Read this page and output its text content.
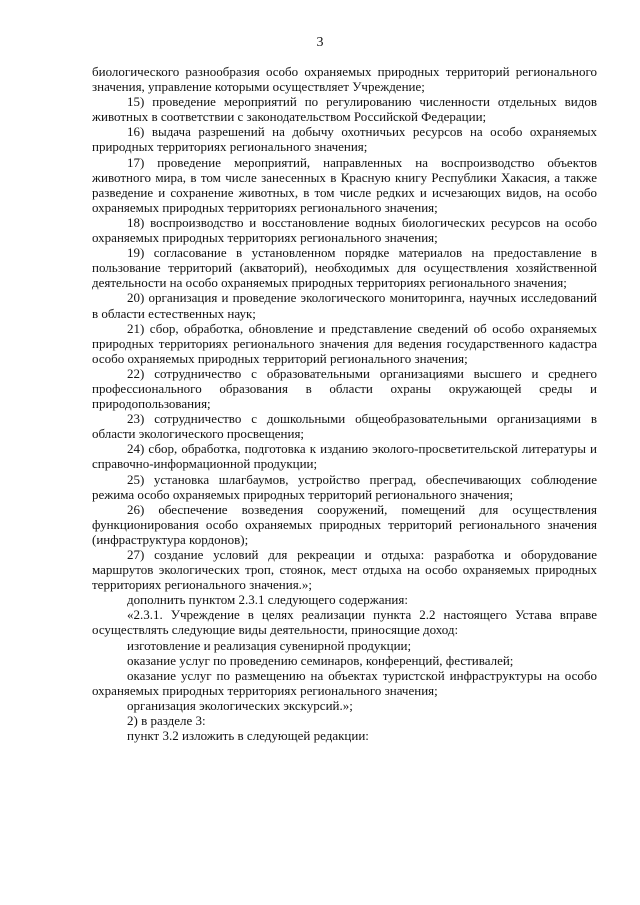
3

биологического разнообразия особо охраняемых природных территорий регионального значения, управление которыми осуществляет Учреждение;

15) проведение мероприятий по регулированию численности отдельных видов животных в соответствии с законодательством Российской Федерации;

16) выдача разрешений на добычу охотничьих ресурсов на особо охраняемых природных территориях регионального значения;

17) проведение мероприятий, направленных на воспроизводство объектов животного мира, в том числе занесенных в Красную книгу Республики Хакасия, а также разведение и сохранение животных, в том числе редких и исчезающих видов, на особо охраняемых природных территориях регионального значения;

18) воспроизводство и восстановление водных биологических ресурсов на особо охраняемых природных территориях регионального значения;

19) согласование в установленном порядке материалов на предоставление в пользование территорий (акваторий), необходимых для осуществления хозяйственной деятельности на особо охраняемых природных территориях регионального значения;

20) организация и проведение экологического мониторинга, научных исследований в области естественных наук;

21) сбор, обработка, обновление и представление сведений об особо охраняемых природных территориях регионального значения для ведения государственного кадастра особо охраняемых природных территорий регионального значения;

22) сотрудничество с образовательными организациями высшего и среднего профессионального образования в области охраны окружающей среды и природопользования;

23) сотрудничество с дошкольными общеобразовательными организациями в области экологического просвещения;

24) сбор, обработка, подготовка к изданию эколого-просветительской литературы и справочно-информационной продукции;

25) установка шлагбаумов, устройство преград, обеспечивающих соблюдение режима особо охраняемых природных территорий регионального значения;

26) обеспечение возведения сооружений, помещений для осуществления функционирования особо охраняемых природных территорий регионального значения (инфраструктура кордонов);

27) создание условий для рекреации и отдыха: разработка и оборудование маршрутов экологических троп, стоянок, мест отдыха на особо охраняемых природных территориях регионального значения.»;

дополнить пунктом 2.3.1 следующего содержания:

«2.3.1. Учреждение в целях реализации пункта 2.2 настоящего Устава вправе осуществлять следующие виды деятельности, приносящие доход:

изготовление и реализация сувенирной продукции;

оказание услуг по проведению семинаров, конференций, фестивалей;

оказание услуг по размещению на объектах туристской инфраструктуры на особо охраняемых природных территориях регионального значения;

организация экологических экскурсий.»;

2) в разделе 3:

пункт 3.2 изложить в следующей редакции:
